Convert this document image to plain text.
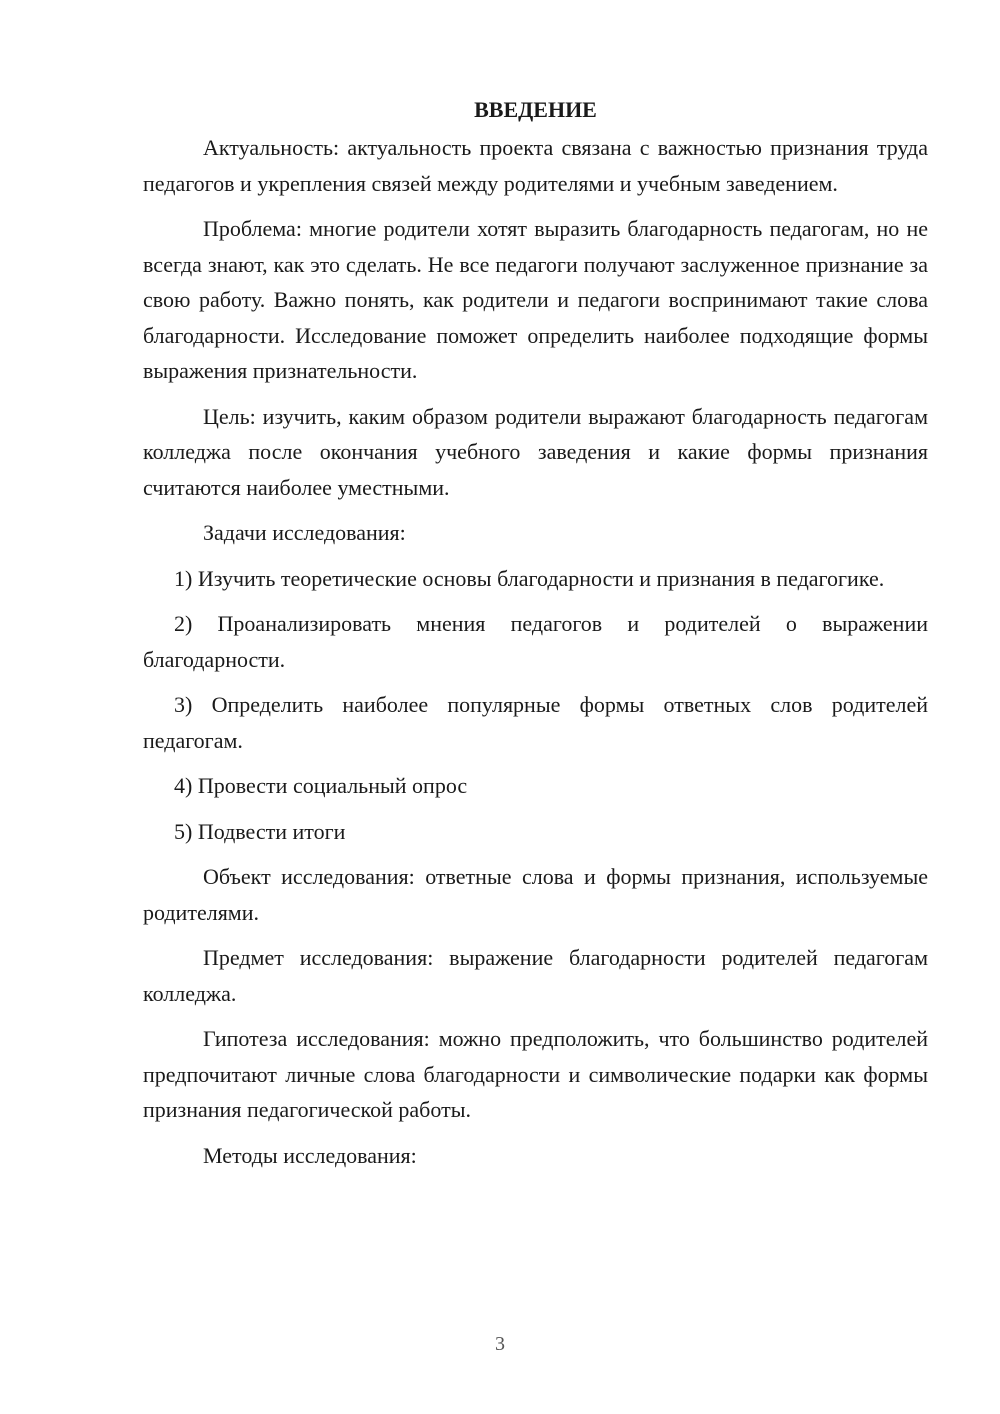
ВВЕДЕНИЕ

Актуальность: актуальность проекта связана с важностью признания труда педагогов и укрепления связей между родителями и учебным заведением.

Проблема: многие родители хотят выразить благодарность педагогам, но не всегда знают, как это сделать. Не все педагоги получают заслуженное признание за свою работу. Важно понять, как родители и педагоги воспринимают такие слова благодарности. Исследование поможет определить наиболее подходящие формы выражения признательности.

Цель: изучить, каким образом родители выражают благодарность педагогам колледжа после окончания учебного заведения и какие формы признания считаются наиболее уместными.

Задачи исследования:

1) Изучить теоретические основы благодарности и признания в педагогике.

2) Проанализировать мнения педагогов и родителей о выражении благодарности.

3) Определить наиболее популярные формы ответных слов родителей педагогам.

4) Провести социальный опрос

5) Подвести итоги

Объект исследования: ответные слова и формы признания, используемые родителями.

Предмет исследования: выражение благодарности родителей педагогам колледжа.

Гипотеза исследования: можно предположить, что большинство родителей предпочитают личные слова благодарности и символические подарки как формы признания педагогической работы.

Методы исследования:

3
